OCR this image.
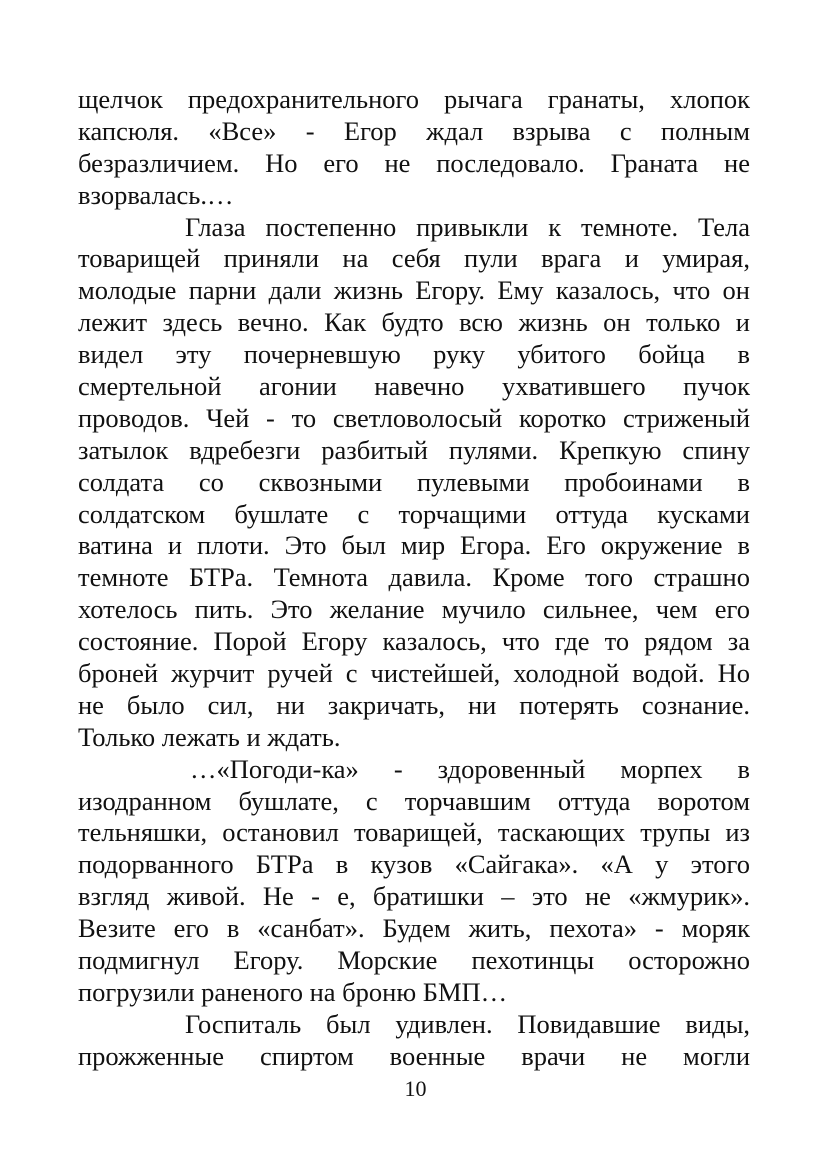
щелчок предохранительного рычага гранаты, хлопок
капсюля. «Все» - Егор ждал взрыва с полным
безразличием. Но его не последовало. Граната не
взорвалась.…
Глаза постепенно привыкли к темноте. Тела
товарищей приняли на себя пули врага и умирая,
молодые парни дали жизнь Егору. Ему казалось, что он
лежит здесь вечно. Как будто всю жизнь он только и
видел эту почерневшую руку убитого бойца в
смертельной агонии навечно ухватившего пучок
проводов. Чей - то светловолосый коротко стриженый
затылок вдребезги разбитый пулями. Крепкую спину
солдата со сквозными пулевыми пробоинами в
солдатском бушлате с торчащими оттуда кусками
ватина и плоти. Это был мир Егора. Его окружение в
темноте БТРа. Темнота давила. Кроме того страшно
хотелось пить. Это желание мучило сильнее, чем его
состояние. Порой Егору казалось, что где то рядом за
броней журчит ручей с чистейшей, холодной водой. Но
не было сил, ни закричать, ни потерять сознание.
Только лежать и ждать.
…«Погоди-ка» - здоровенный морпех в
изодранном бушлате, с торчавшим оттуда воротом
тельняшки, остановил товарищей, таскающих трупы из
подорванного БТРа в кузов «Сайгака». «А у этого
взгляд живой. Не - е, братишки – это не «жмурик».
Везите его в «санбат». Будем жить, пехота» - моряк
подмигнул Егору. Морские пехотинцы осторожно
погрузили раненого на броню БМП…
Госпиталь был удивлен. Повидавшие виды,
прожженные спиртом военные врачи не могли
10
